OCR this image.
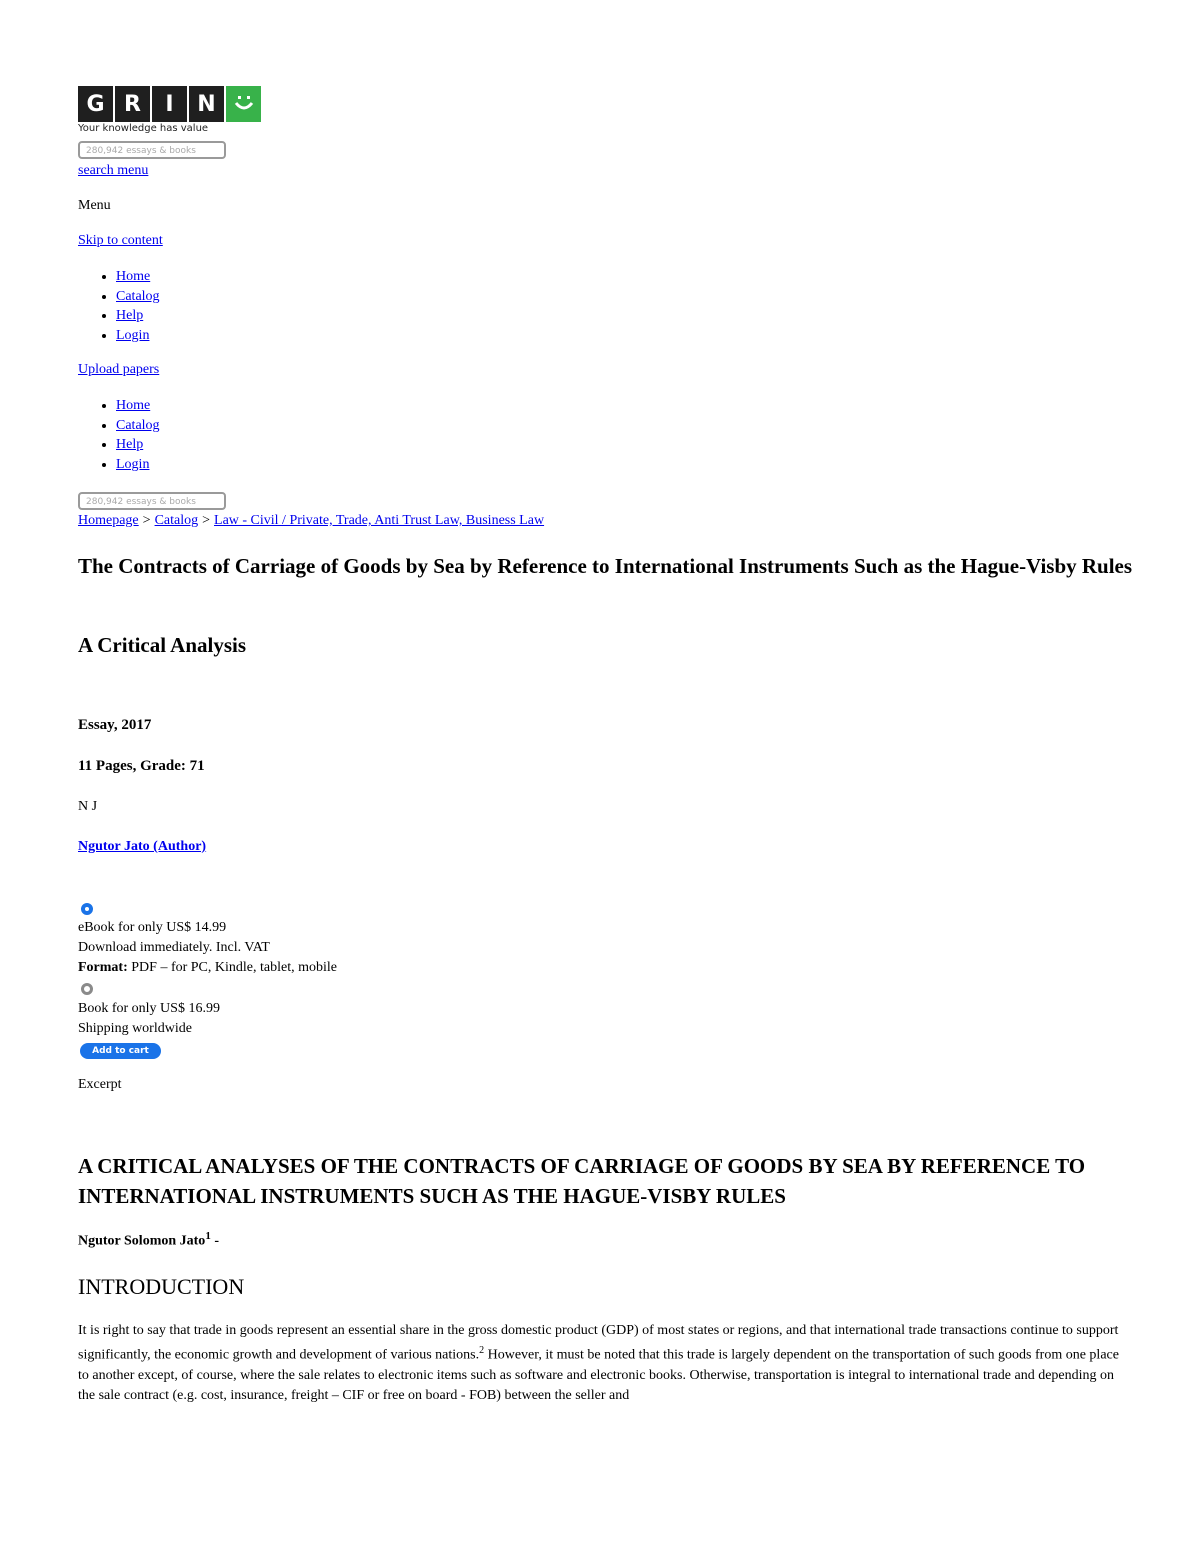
G R	I	N
Your knowledge has value
280,942 essays & books
search menu
Menu
Skip to content
• Home
• Catalog
• Help
• Login
Upload papers
• Home
• Catalog
• Help
• Login
280,942 essays & books
Homepage > Catalog > Law - Civil / Private, Trade, Anti Trust Law, Business Law
The Contracts of Carriage of Goods by Sea by Reference to International Instruments Such as the Hague-Visby Rules
A Critical Analysis

Essay, 2017

11 Pages, Grade: 71

N J
Ngutor Jato (Author)
eBook for only US$ 14.99
Download immediately. Incl. VAT
Format: PDF – for PC, Kindle, tablet, mobile
Book for only US$ 16.99
Shipping worldwide
Add to cart
Excerpt
A CRITICAL ANALYSES OF THE CONTRACTS OF CARRIAGE OF GOODS BY SEA BY REFERENCE TO INTERNATIONAL INSTRUMENTS SUCH AS THE HAGUE-VISBY RULES
Ngutor Solomon Jato$^1$ -
INTRODUCTION

It is right to say that trade in goods represent an essential share in the gross domestic product (GDP) of most states or regions, and that international trade transactions continue to support significantly, the economic growth and development of various nations.$^2$ However, it must be noted that this trade is largely dependent on the transportation of such goods from one place to another except, of course, where the sale relates to electronic items such as software and electronic books. Otherwise, transportation is integral to international trade and depending on the sale contract (e.g. cost, insurance, freight – CIF or free on board - FOB) between the seller and
